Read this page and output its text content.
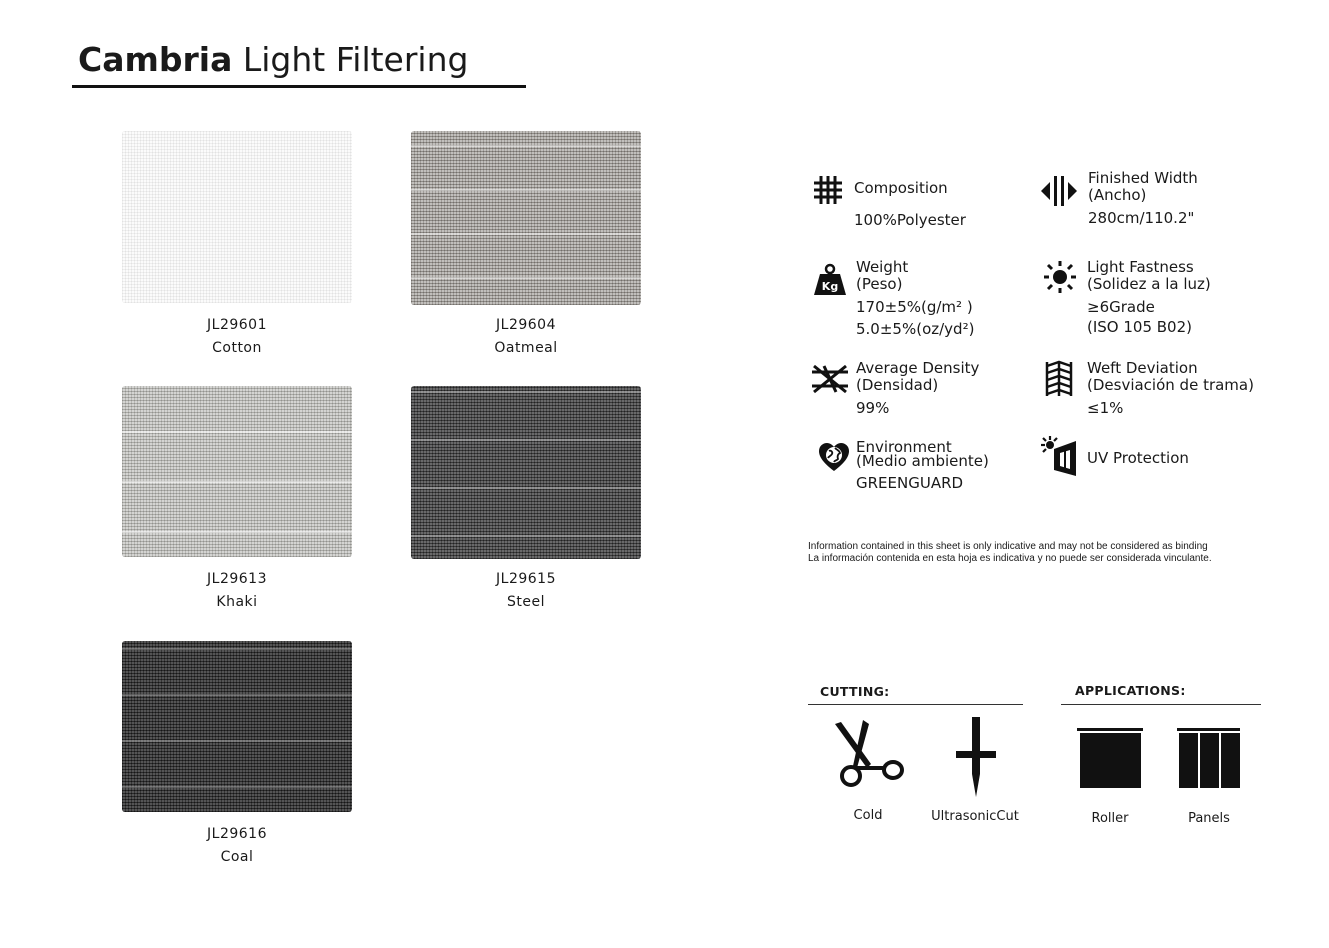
Cambria Light Filtering
JL29601
Cotton
JL29604
Oatmeal
JL29613
Khaki
JL29615
Steel
JL29616
Coal
Composition
100%Polyester
Finished Width
(Ancho)
280cm/110.2"
Kg
Weight
(Peso)
170±5%(g/m² )
5.0±5%(oz/yd²)
Light Fastness
(Solidez a la luz)
≥6Grade
(ISO 105 B02)
Average Density
(Densidad)
99%
Weft Deviation
(Desviación de trama)
≤1%
Environment
(Medio ambiente)
GREENGUARD
UV Protection
Information contained in this sheet is only indicative and may not be considered as binding
La información contenida en esta hoja es indicativa y no puede ser considerada vinculante.
CUTTING:
Cold	UltrasonicCut
APPLICATIONS:
Roller	Panels
